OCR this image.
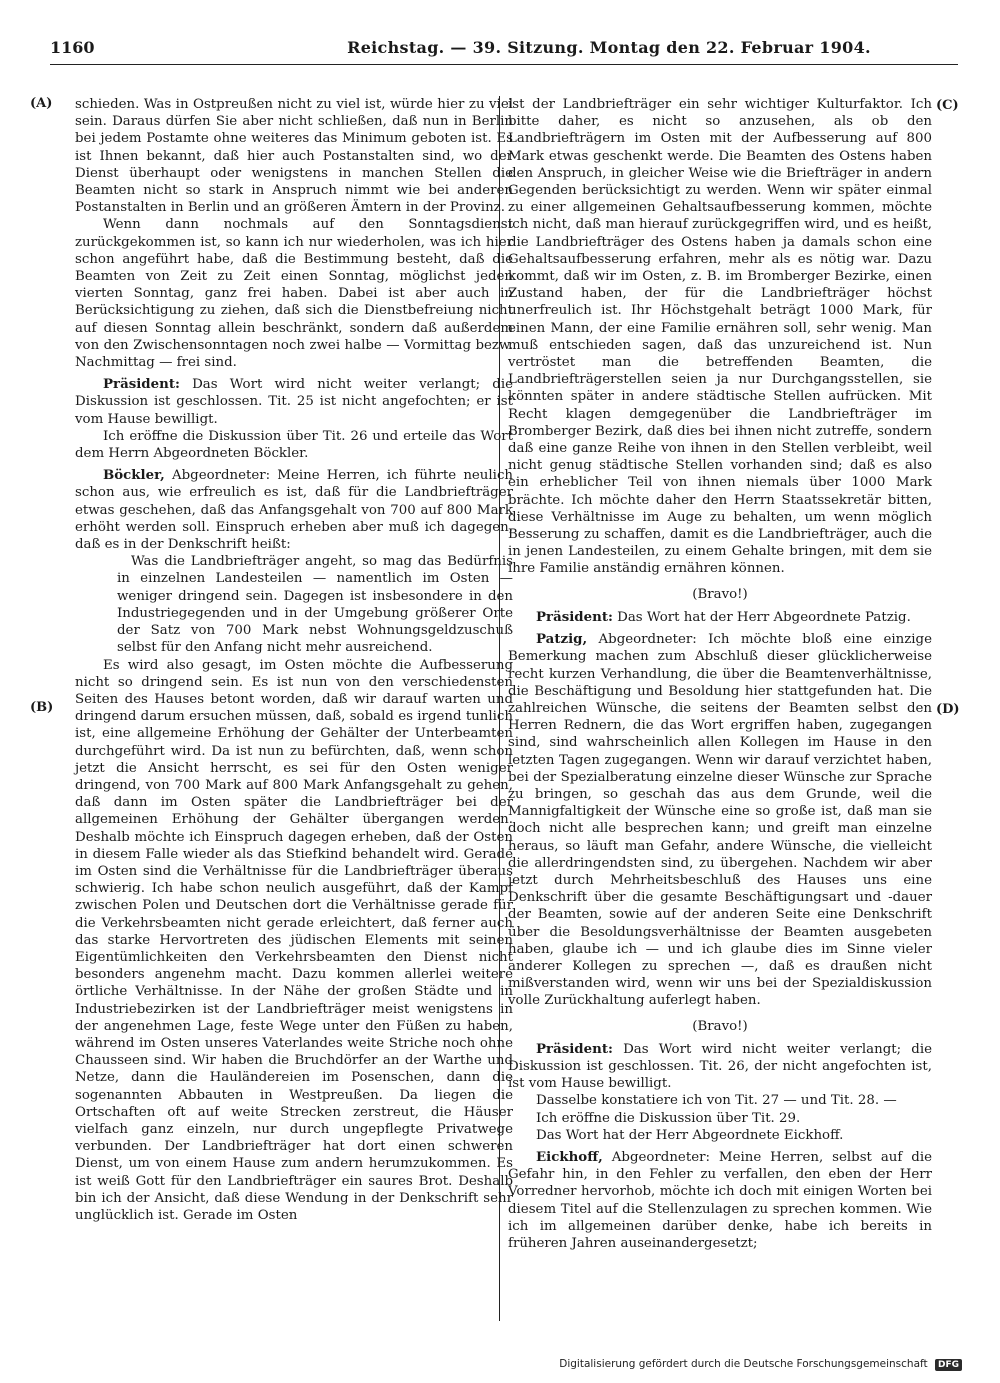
1160	Reichstag. — 39. Sitzung. Montag den 22. Februar 1904.
(A)
(B)
(C)
(D)

schieden. Was in Ostpreußen nicht zu viel ist, würde hier zu viel sein. Daraus dürfen Sie aber nicht schließen, daß nun in Berlin bei jedem Postamte ohne weiteres das Minimum geboten ist. Es ist Ihnen bekannt, daß hier auch Postanstalten sind, wo der Dienst überhaupt oder wenigstens in manchen Stellen die Beamten nicht so stark in Anspruch nimmt wie bei anderen Postanstalten in Berlin und an größeren Ämtern in der Provinz.

Wenn dann nochmals auf den Sonntagsdienst zurückgekommen ist, so kann ich nur wiederholen, was ich hier schon angeführt habe, daß die Bestimmung besteht, daß die Beamten von Zeit zu Zeit einen Sonntag, möglichst jeden vierten Sonntag, ganz frei haben. Dabei ist aber auch in Berücksichtigung zu ziehen, daß sich die Dienstbefreiung nicht auf diesen Sonntag allein beschränkt, sondern daß außerdem von den Zwischensonntagen noch zwei halbe — Vormittag bezw. Nachmittag — frei sind.

Präsident: Das Wort wird nicht weiter verlangt; die Diskussion ist geschlossen. Tit. 25 ist nicht angefochten; er ist vom Hause bewilligt.

Ich eröffne die Diskussion über Tit. 26 und erteile das Wort dem Herrn Abgeordneten Böckler.

Böckler, Abgeordneter: Meine Herren, ich führte neulich schon aus, wie erfreulich es ist, daß für die Landbriefträger etwas geschehen, daß das Anfangsgehalt von 700 auf 800 Mark erhöht werden soll. Einspruch erheben aber muß ich dagegen, daß es in der Denkschrift heißt:

Was die Landbriefträger angeht, so mag das Bedürfnis in einzelnen Landesteilen — namentlich im Osten — weniger dringend sein. Dagegen ist insbesondere in den Industriegegenden und in der Umgebung größerer Orte der Satz von 700 Mark nebst Wohnungsgeldzuschuß selbst für den Anfang nicht mehr ausreichend.

Es wird also gesagt, im Osten möchte die Aufbesserung nicht so dringend sein. Es ist nun von den verschiedensten Seiten des Hauses betont worden, daß wir darauf warten und dringend darum ersuchen müssen, daß, sobald es irgend tunlich ist, eine allgemeine Erhöhung der Gehälter der Unterbeamten durchgeführt wird. Da ist nun zu befürchten, daß, wenn schon jetzt die Ansicht herrscht, es sei für den Osten weniger dringend, von 700 Mark auf 800 Mark Anfangsgehalt zu gehen, daß dann im Osten später die Landbriefträger bei der allgemeinen Erhöhung der Gehälter übergangen werden. Deshalb möchte ich Einspruch dagegen erheben, daß der Osten in diesem Falle wieder als das Stiefkind behandelt wird. Gerade im Osten sind die Verhältnisse für die Landbriefträger überaus schwierig. Ich habe schon neulich ausgeführt, daß der Kampf zwischen Polen und Deutschen dort die Verhältnisse gerade für die Verkehrsbeamten nicht gerade erleichtert, daß ferner auch das starke Hervortreten des jüdischen Elements mit seinen Eigentümlichkeiten den Verkehrsbeamten den Dienst nicht besonders angenehm macht. Dazu kommen allerlei weitere örtliche Verhältnisse. In der Nähe der großen Städte und in Industriebezirken ist der Landbriefträger meist wenigstens in der angenehmen Lage, feste Wege unter den Füßen zu haben, während im Osten unseres Vaterlandes weite Striche noch ohne Chausseen sind. Wir haben die Bruchdörfer an der Warthe und Netze, dann die Hauländereien im Posenschen, dann die sogenannten Abbauten in Westpreußen. Da liegen die Ortschaften oft auf weite Strecken zerstreut, die Häuser vielfach ganz einzeln, nur durch ungepflegte Privatwege verbunden. Der Landbriefträger hat dort einen schweren Dienst, um von einem Hause zum andern herumzukommen. Es ist weiß Gott für den Landbriefträger ein saures Brot. Deshalb bin ich der Ansicht, daß diese Wendung in der Denkschrift sehr unglücklich ist. Gerade im Osten

ist der Landbriefträger ein sehr wichtiger Kulturfaktor. Ich bitte daher, es nicht so anzusehen, als ob den Landbriefträgern im Osten mit der Aufbesserung auf 800 Mark etwas geschenkt werde. Die Beamten des Ostens haben den Anspruch, in gleicher Weise wie die Briefträger in andern Gegenden berücksichtigt zu werden. Wenn wir später einmal zu einer allgemeinen Gehaltsaufbesserung kommen, möchte ich nicht, daß man hierauf zurückgegriffen wird, und es heißt, die Landbriefträger des Ostens haben ja damals schon eine Gehaltsaufbesserung erfahren, mehr als es nötig war. Dazu kommt, daß wir im Osten, z. B. im Bromberger Bezirke, einen Zustand haben, der für die Landbriefträger höchst unerfreulich ist. Ihr Höchstgehalt beträgt 1000 Mark, für einen Mann, der eine Familie ernähren soll, sehr wenig. Man muß entschieden sagen, daß das unzureichend ist. Nun vertröstet man die betreffenden Beamten, die Landbriefträgerstellen seien ja nur Durchgangsstellen, sie könnten später in andere städtische Stellen aufrücken. Mit Recht klagen demgegenüber die Landbriefträger im Bromberger Bezirk, daß dies bei ihnen nicht zutreffe, sondern daß eine ganze Reihe von ihnen in den Stellen verbleibt, weil nicht genug städtische Stellen vorhanden sind; daß es also ein erheblicher Teil von ihnen niemals über 1000 Mark brächte. Ich möchte daher den Herrn Staatssekretär bitten, diese Verhältnisse im Auge zu behalten, um wenn möglich Besserung zu schaffen, damit es die Landbriefträger, auch die in jenen Landesteilen, zu einem Gehalte bringen, mit dem sie ihre Familie anständig ernähren können.

(Bravo!)

Präsident: Das Wort hat der Herr Abgeordnete Patzig.

Patzig, Abgeordneter: Ich möchte bloß eine einzige Bemerkung machen zum Abschluß dieser glücklicherweise recht kurzen Verhandlung, die über die Beamtenverhältnisse, die Beschäftigung und Besoldung hier stattgefunden hat. Die zahlreichen Wünsche, die seitens der Beamten selbst den Herren Rednern, die das Wort ergriffen haben, zugegangen sind, sind wahrscheinlich allen Kollegen im Hause in den letzten Tagen zugegangen. Wenn wir darauf verzichtet haben, bei der Spezialberatung einzelne dieser Wünsche zur Sprache zu bringen, so geschah das aus dem Grunde, weil die Mannigfaltigkeit der Wünsche eine so große ist, daß man sie doch nicht alle besprechen kann; und greift man einzelne heraus, so läuft man Gefahr, andere Wünsche, die vielleicht die allerdringendsten sind, zu übergehen. Nachdem wir aber jetzt durch Mehrheitsbeschluß des Hauses uns eine Denkschrift über die gesamte Beschäftigungsart und -dauer der Beamten, sowie auf der anderen Seite eine Denkschrift über die Besoldungsverhältnisse der Beamten ausgebeten haben, glaube ich — und ich glaube dies im Sinne vieler anderer Kollegen zu sprechen —, daß es draußen nicht mißverstanden wird, wenn wir uns bei der Spezialdiskussion volle Zurückhaltung auferlegt haben.

(Bravo!)

Präsident: Das Wort wird nicht weiter verlangt; die Diskussion ist geschlossen. Tit. 26, der nicht angefochten ist, ist vom Hause bewilligt.

Dasselbe konstatiere ich von Tit. 27 — und Tit. 28. —

Ich eröffne die Diskussion über Tit. 29.

Das Wort hat der Herr Abgeordnete Eickhoff.

Eickhoff, Abgeordneter: Meine Herren, selbst auf die Gefahr hin, in den Fehler zu verfallen, den eben der Herr Vorredner hervorhob, möchte ich doch mit einigen Worten bei diesem Titel auf die Stellenzulagen zu sprechen kommen. Wie ich im allgemeinen darüber denke, habe ich bereits in früheren Jahren auseinandergesetzt;

Digitalisierung gefördert durch die Deutsche Forschungsgemeinschaft DFG
